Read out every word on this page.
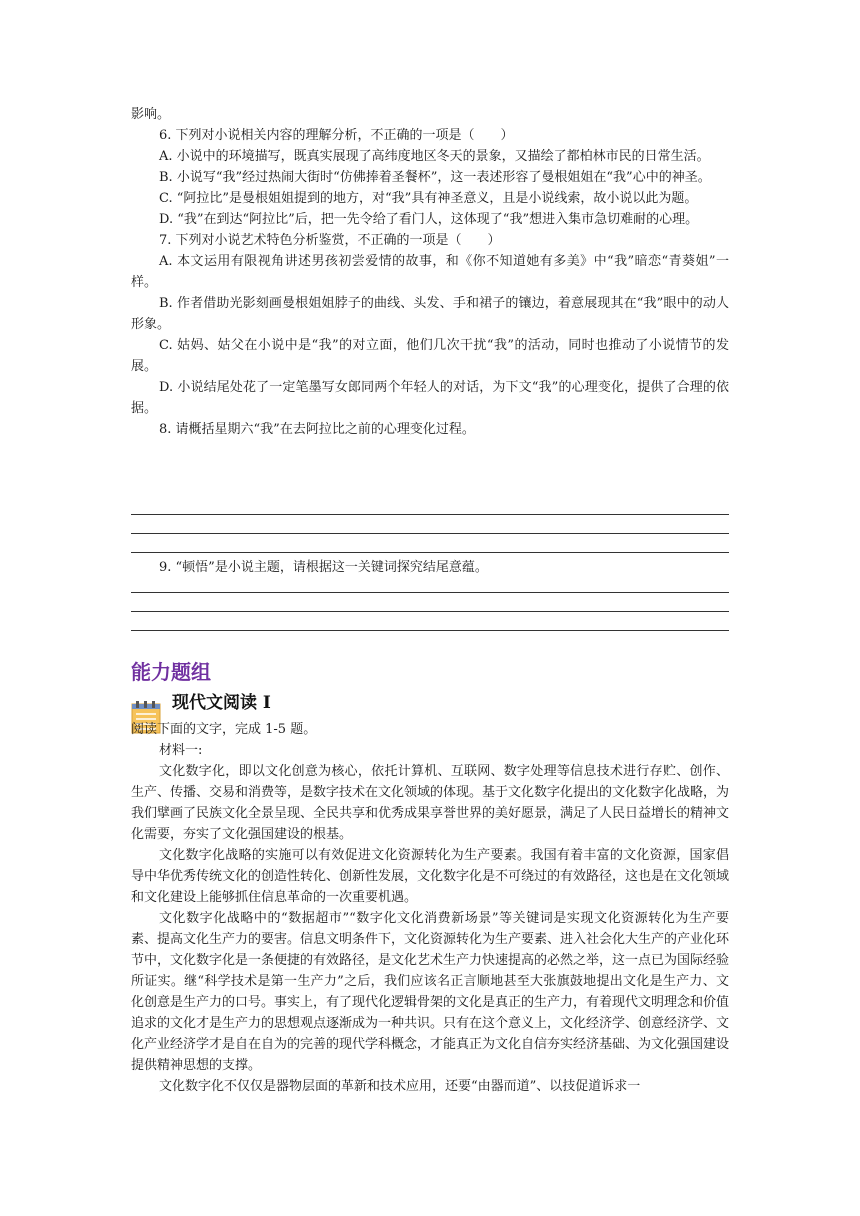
影响。

6. 下列对小说相关内容的理解分析，不正确的一项是（　　）

A. 小说中的环境描写，既真实展现了高纬度地区冬天的景象，又描绘了都柏林市民的日常生活。

B. 小说写“我”经过热闹大街时“仿佛捧着圣餐杯”，这一表述形容了曼根姐姐在“我”心中的神圣。

C. “阿拉比”是曼根姐姐提到的地方，对“我”具有神圣意义，且是小说线索，故小说以此为题。

D. “我”在到达“阿拉比”后，把一先令给了看门人，这体现了“我”想进入集市急切难耐的心理。

7. 下列对小说艺术特色分析鉴赏，不正确的一项是（　　）

A. 本文运用有限视角讲述男孩初尝爱情的故事，和《你不知道她有多美》中“我”暗恋“青葵姐”一样。

B. 作者借助光影刻画曼根姐姐脖子的曲线、头发、手和裙子的镶边，着意展现其在“我”眼中的动人形象。

C. 姑妈、姑父在小说中是“我”的对立面，他们几次干扰“我”的活动，同时也推动了小说情节的发展。

D. 小说结尾处花了一定笔墨写女郎同两个年轻人的对话，为下文“我”的心理变化，提供了合理的依据。

8. 请概括星期六“我”在去阿拉比之前的心理变化过程。

9. “顿悟”是小说主题，请根据这一关键词探究结尾意蕴。

能力题组
现代文阅读 I

阅读下面的文字，完成 1-5 题。

材料一:

文化数字化，即以文化创意为核心，依托计算机、互联网、数字处理等信息技术进行存贮、创作、生产、传播、交易和消费等，是数字技术在文化领域的体现。基于文化数字化提出的文化数字化战略，为我们擘画了民族文化全景呈现、全民共享和优秀成果享誉世界的美好愿景，满足了人民日益增长的精神文化需要，夯实了文化强国建设的根基。

文化数字化战略的实施可以有效促进文化资源转化为生产要素。我国有着丰富的文化资源，国家倡导中华优秀传统文化的创造性转化、创新性发展，文化数字化是不可绕过的有效路径，这也是在文化领域和文化建设上能够抓住信息革命的一次重要机遇。

文化数字化战略中的“数据超市”“数字化文化消费新场景”等关键词是实现文化资源转化为生产要素、提高文化生产力的要害。信息文明条件下，文化资源转化为生产要素、进入社会化大生产的产业化环节中，文化数字化是一条便捷的有效路径，是文化艺术生产力快速提高的必然之举，这一点已为国际经验所证实。继“科学技术是第一生产力”之后，我们应该名正言顺地甚至大张旗鼓地提出文化是生产力、文化创意是生产力的口号。事实上，有了现代化逻辑骨架的文化是真正的生产力，有着现代文明理念和价值追求的文化才是生产力的思想观点逐渐成为一种共识。只有在这个意义上，文化经济学、创意经济学、文化产业经济学才是自在自为的完善的现代学科概念，才能真正为文化自信夯实经济基础、为文化强国建设提供精神思想的支撑。

文化数字化不仅仅是器物层面的革新和技术应用，还要“由器而道”、以技促道诉求一
